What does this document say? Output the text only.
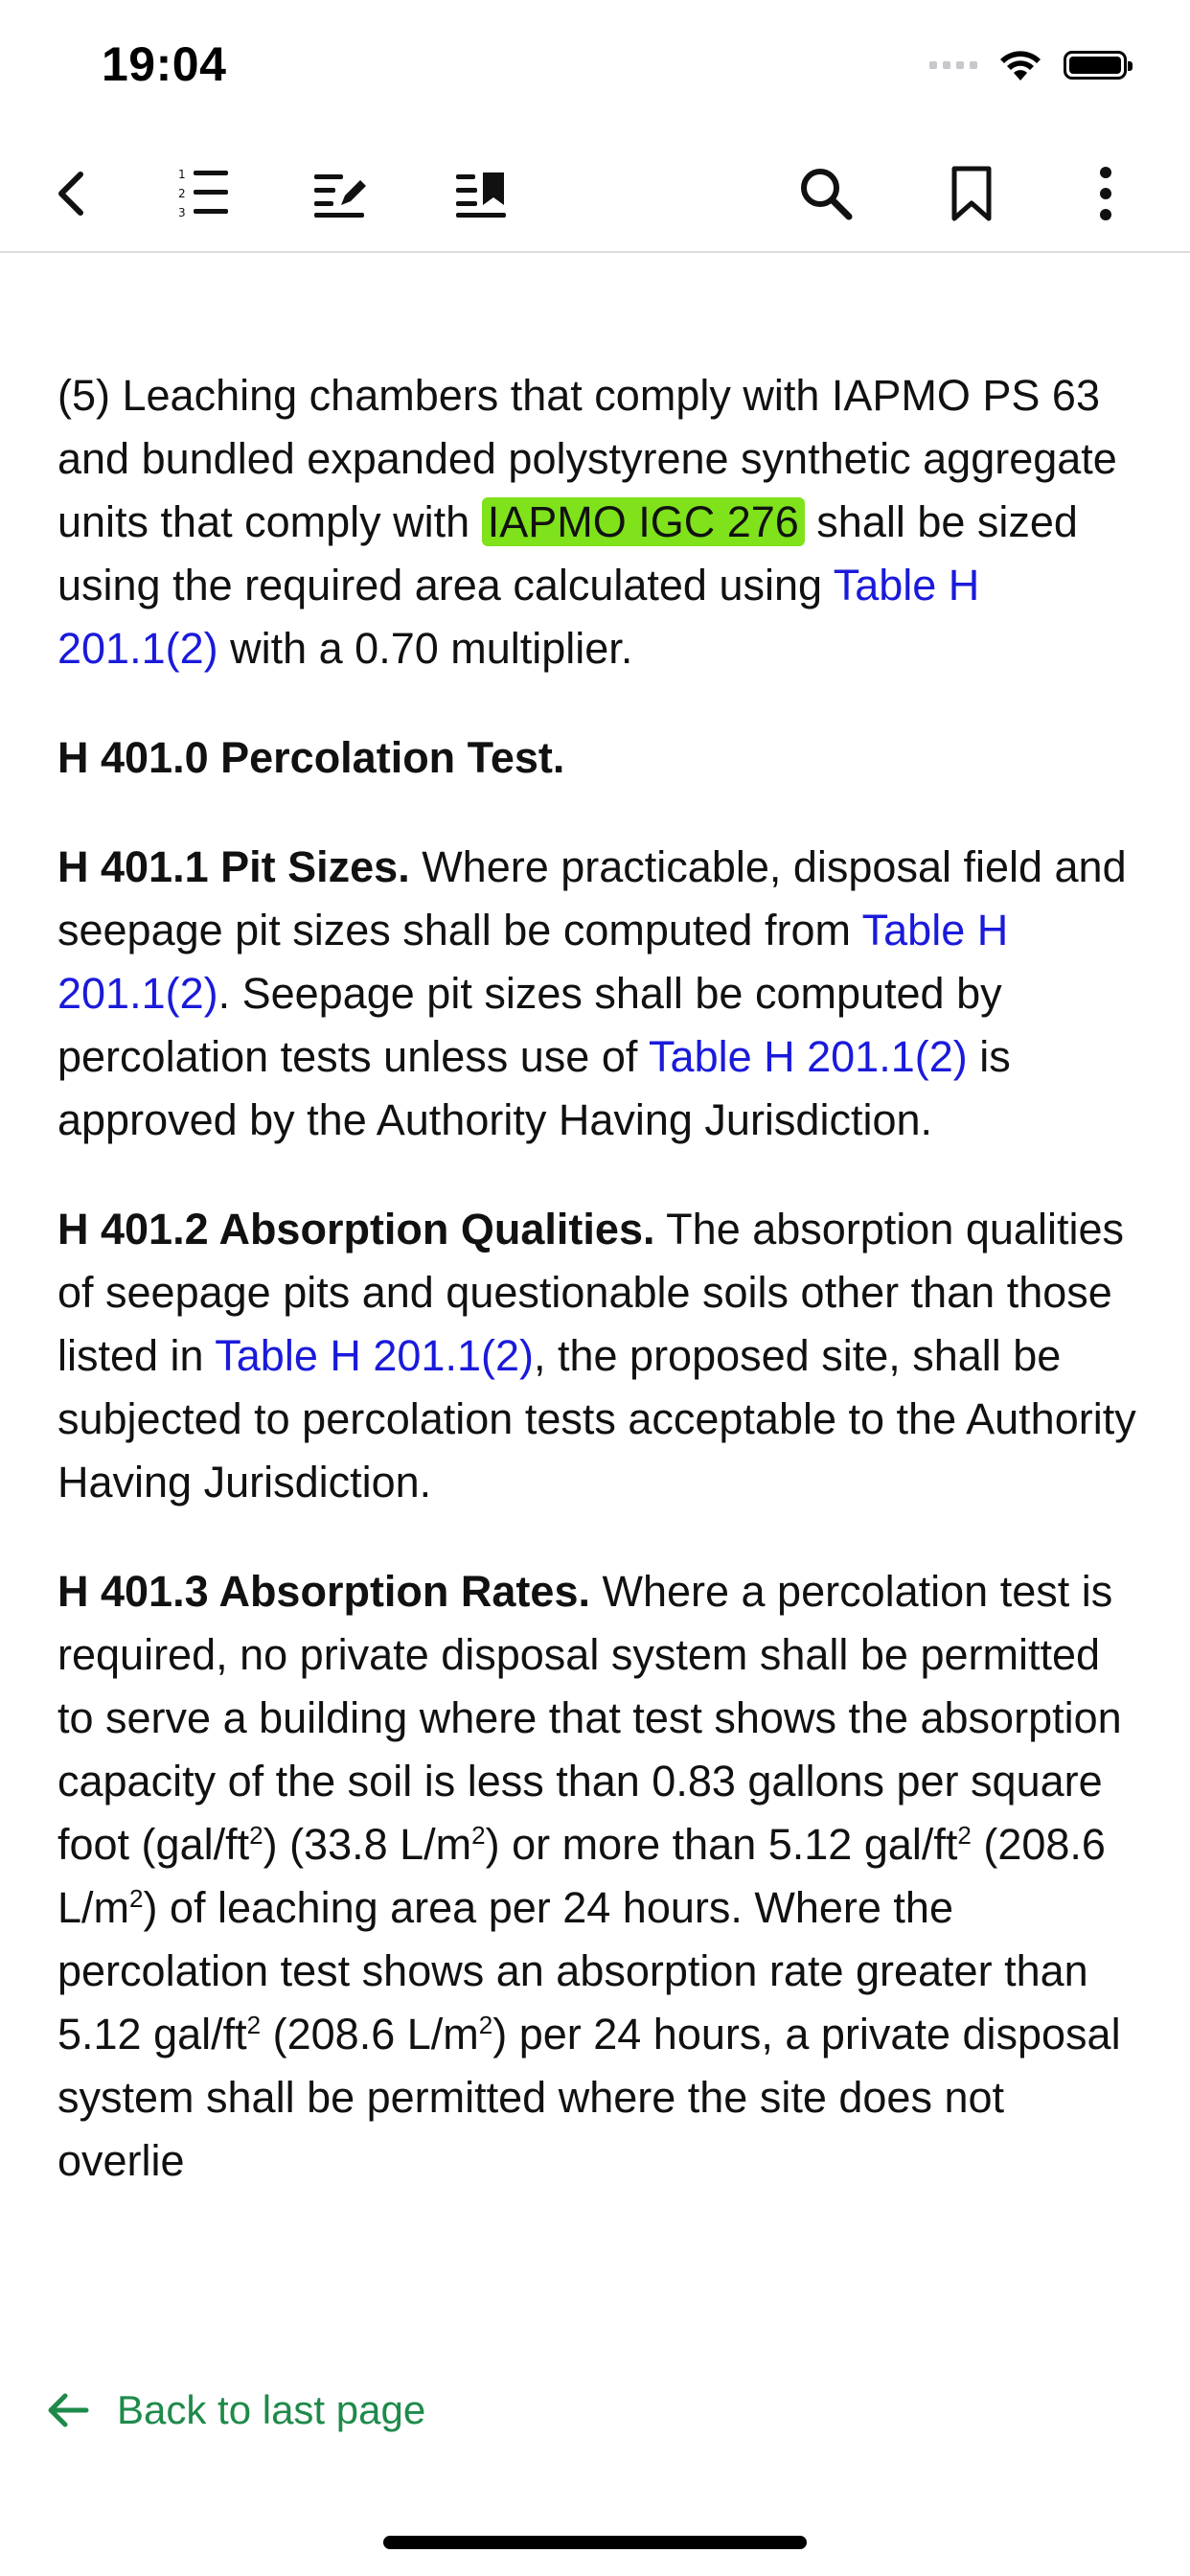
19:04
1
2
3

(5) Leaching chambers that comply with IAPMO PS 63 and bundled expanded polystyrene synthetic aggregate units that comply with IAPMO IGC 276 shall be sized using the required area calculated using Table H 201.1(2) with a 0.70 multiplier.

H 401.0 Percolation Test.

H 401.1 Pit Sizes. Where practicable, disposal field and seepage pit sizes shall be computed from Table H 201.1(2). Seepage pit sizes shall be computed by percolation tests unless use of Table H 201.1(2) is approved by the Authority Having Jurisdiction.

H 401.2 Absorption Qualities. The absorption qualities of seepage pits and questionable soils other than those listed in Table H 201.1(2), the proposed site, shall be subjected to percolation tests acceptable to the Authority Having Jurisdiction.

H 401.3 Absorption Rates. Where a percolation test is required, no private disposal system shall be permitted to serve a building where that test shows the absorption capacity of the soil is less than 0.83 gallons per square foot $(gal/ft^2)$ (33.8 $L/m^2$) or more than 5.12 gal/$ft^2$ (208.6 $L/m^2$) of leaching area per 24 hours. Where the percolation test shows an absorption rate greater than 5.12 gal/$ft^2$ (208.6 $L/m^2$) per 24 hours, a private disposal system shall be permitted where the site does not overlie

Back to last page
